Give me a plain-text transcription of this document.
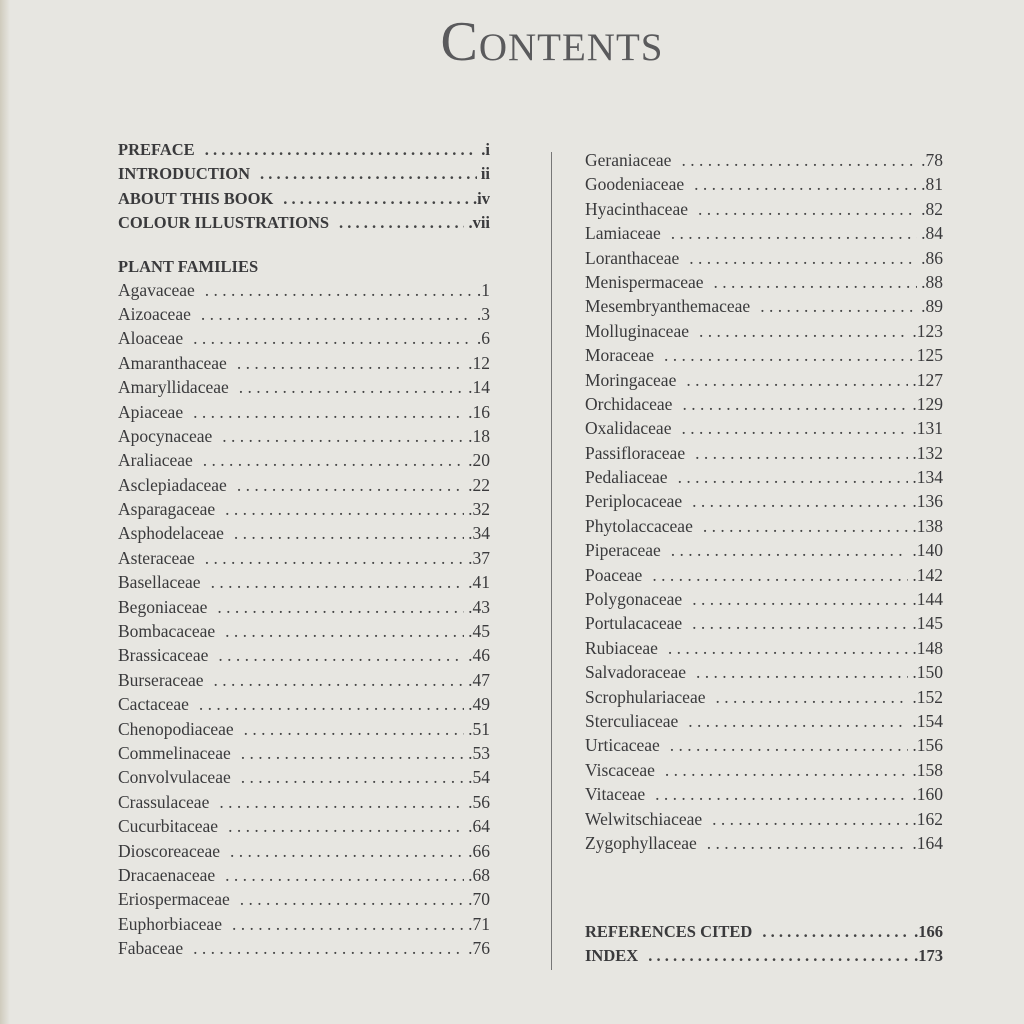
Contents
PREFACE . . .	.i
INTRODUCTION . . .	ii
ABOUT THIS BOOK . . .	.iv
COLOUR ILLUSTRATIONS . . .	.vii
PLANT FAMILIES
Agavaceae . . .	.1
Aizoaceae . . .	.3
Aloaceae . . .	.6
Amaranthaceae . . .	.12
Amaryllidaceae . . .	.14
Apiaceae . . .	.16
Apocynaceae . . .	.18
Araliaceae . . .	.20
Asclepiadaceae . . .	.22
Asparagaceae . . .	.32
Asphodelaceae . . .	.34
Asteraceae . . .	.37
Basellaceae . . .	.41
Begoniaceae . . .	.43
Bombacaceae . . .	.45
Brassicaceae . . .	.46
Burseraceae . . .	.47
Cactaceae . . .	.49
Chenopodiaceae . . .	.51
Commelinaceae . . .	.53
Convolvulaceae . . .	.54
Crassulaceae . . .	.56
Cucurbitaceae . . .	.64
Dioscoreaceae . . .	.66
Dracaenaceae . . .	.68
Eriospermaceae . . .	.70
Euphorbiaceae . . .	.71
Fabaceae . . .	.76
Geraniaceae . . .	.78
Goodeniaceae . . .	.81
Hyacinthaceae . . .	.82
Lamiaceae . . .	.84
Loranthaceae . . .	.86
Menispermaceae . . .	.88
Mesembryanthemaceae . . .	.89
Molluginaceae . . .	.123
Moraceae . . .	125
Moringaceae . . .	.127
Orchidaceae . . .	.129
Oxalidaceae . . .	.131
Passifloraceae . . .	.132
Pedaliaceae . . .	.134
Periplocaceae . . .	.136
Phytolaccaceae . . .	.138
Piperaceae . . .	.140
Poaceae . . .	.142
Polygonaceae . . .	.144
Portulacaceae . . .	.145
Rubiaceae . . .	.148
Salvadoraceae . . .	.150
Scrophulariaceae . . .	.152
Sterculiaceae . . .	.154
Urticaceae . . .	.156
Viscaceae . . .	.158
Vitaceae . . .	.160
Welwitschiaceae . . .	.162
Zygophyllaceae . . .	.164
REFERENCES CITED . . .	.166
INDEX . . .	.173
